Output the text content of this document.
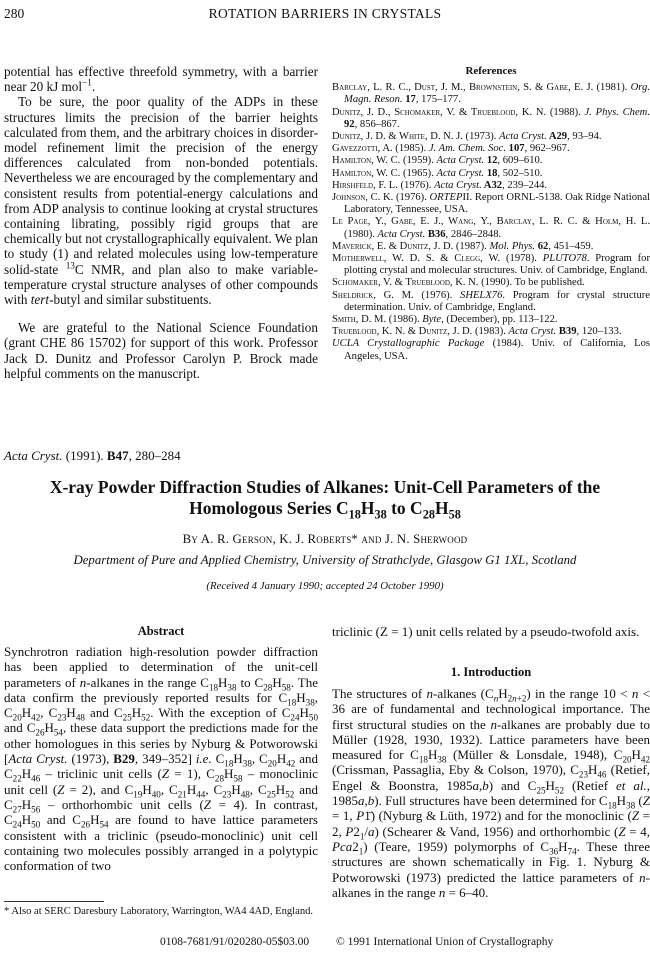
280	ROTATION BARRIERS IN CRYSTALS

potential has effective threefold symmetry, with a barrier near 20 kJ mol$^{-1}$.

To be sure, the poor quality of the ADPs in these structures limits the precision of the barrier heights calculated from them, and the arbitrary choices in disorder-model refinement limit the precision of the energy differences calculated from non-bonded potentials. Nevertheless we are encouraged by the complementary and consistent results from potential-energy calculations and from ADP analysis to continue looking at crystal structures containing librating, possibly rigid groups that are chemically but not crystallographically equivalent. We plan to study (1) and related molecules using low-temperature solid-state $^{13}$C NMR, and plan also to make variable-temperature crystal structure analyses of other compounds with tert-butyl and similar substituents.

We are grateful to the National Science Foundation (grant CHE 86 15702) for support of this work. Professor Jack D. Dunitz and Professor Carolyn P. Brock made helpful comments on the manuscript.

References

Barclay, L. R. C., Dust, J. M., Brownstein, S. & Gabe, E. J. (1981). Org. Magn. Reson. 17, 175–177.

Dunitz, J. D., Schomaker, V. & Trueblood, K. N. (1988). J. Phys. Chem. 92, 856–867.

Dunitz, J. D. & White, D. N. J. (1973). Acta Cryst. A29, 93–94.

Gavezzotti, A. (1985). J. Am. Chem. Soc. 107, 962–967.

Hamilton, W. C. (1959). Acta Cryst. 12, 609–610.

Hamilton, W. C. (1965). Acta Cryst. 18, 502–510.

Hirshfeld, F. L. (1976). Acta Cryst. A32, 239–244.

Johnson, C. K. (1976). ORTEPII. Report ORNL-5138. Oak Ridge National Laboratory, Tennessee, USA.

Le Page, Y., Gabe, E. J., Wang, Y., Barclay, L. R. C. & Holm, H. L. (1980). Acta Cryst. B36, 2846–2848.

Maverick, E. & Dunitz, J. D. (1987). Mol. Phys. 62, 451–459.

Motherwell, W. D. S. & Clegg, W. (1978). PLUTO78. Program for plotting crystal and molecular structures. Univ. of Cambridge, England.

Schomaker, V. & Trueblood, K. N. (1990). To be published.

Sheldrick, G. M. (1976). SHELX76. Program for crystal structure determination. Univ. of Cambridge, England.

Smith, D. M. (1986). Byte, (December), pp. 113–122.

Trueblood, K. N. & Dunitz, J. D. (1983). Acta Cryst. B39, 120–133.

UCLA Crystallographic Package (1984). Univ. of California, Los Angeles, USA.

Acta Cryst. (1991). B47, 280–284
X-ray Powder Diffraction Studies of Alkanes: Unit-Cell Parameters of the Homologous Series $C_{18}H_{38}$ to $C_{28}H_{58}$
By A. R. Gerson, K. J. Roberts* and J. N. Sherwood
Department of Pure and Applied Chemistry, University of Strathclyde, Glasgow G1 1XL, Scotland
(Received 4 January 1990; accepted 24 October 1990)
Abstract
Synchrotron radiation high-resolution powder diffraction has been applied to determination of the unit-cell parameters of n-alkanes in the range $C_{18}H_{38}$ to $C_{28}H_{58}$. The data confirm the previously reported results for $C_{18}H_{38}$, $C_{20}H_{42}$, $C_{23}H_{48}$ and $C_{25}H_{52}$. With the exception of $C_{24}H_{50}$ and $C_{26}H_{54}$, these data support the predictions made for the other homologues in this series by Nyburg & Potworowski [Acta Cryst. (1973), B29, 349–352] i.e. $C_{18}H_{38}$, $C_{20}H_{42}$ and $C_{22}H_{46}$ – triclinic unit cells (Z = 1), $C_{28}H_{58}$ – monoclinic unit cell (Z = 2), and $C_{19}H_{40}$, $C_{21}H_{44}$, $C_{23}H_{48}$, $C_{25}H_{52}$ and $C_{27}H_{56}$ – orthorhombic unit cells (Z = 4). In contrast, $C_{24}H_{50}$ and $C_{26}H_{54}$ are found to have lattice parameters consistent with a triclinic (pseudo-monoclinic) unit cell containing two molecules possibly arranged in a polytypic conformation of two
* Also at SERC Daresbury Laboratory, Warrington, WA4 4AD, England.
triclinic (Z = 1) unit cells related by a pseudo-twofold axis.
1. Introduction
The structures of n-alkanes $(C_nH_{2n+2})$ in the range 10 < n < 36 are of fundamental and technological importance. The first structural studies on the n-alkanes are probably due to Müller (1928, 1930, 1932). Lattice parameters have been measured for $C_{18}H_{38}$ (Müller & Lonsdale, 1948), $C_{20}H_{42}$ (Crissman, Passaglia, Eby & Colson, 1970), $C_{23}H_{46}$ (Retief, Engel & Boonstra, 1985a,b) and $C_{25}H_{52}$ (Retief et al., 1985a,b). Full structures have been determined for $C_{18}H_{38}$ (Z = 1, P1̄) (Nyburg & Lüth, 1972) and for the monoclinic (Z = 2, $P2_1/a$) (Schearer & Vand, 1956) and orthorhombic (Z = 4, $Pca2_1$) (Teare, 1959) polymorphs of $C_{36}H_{74}$. These three structures are shown schematically in Fig. 1. Nyburg & Potworowski (1973) predicted the lattice parameters of n-alkanes in the range n = 6–40.
0108-7681/91/020280-05$03.00 © 1991 International Union of Crystallography
